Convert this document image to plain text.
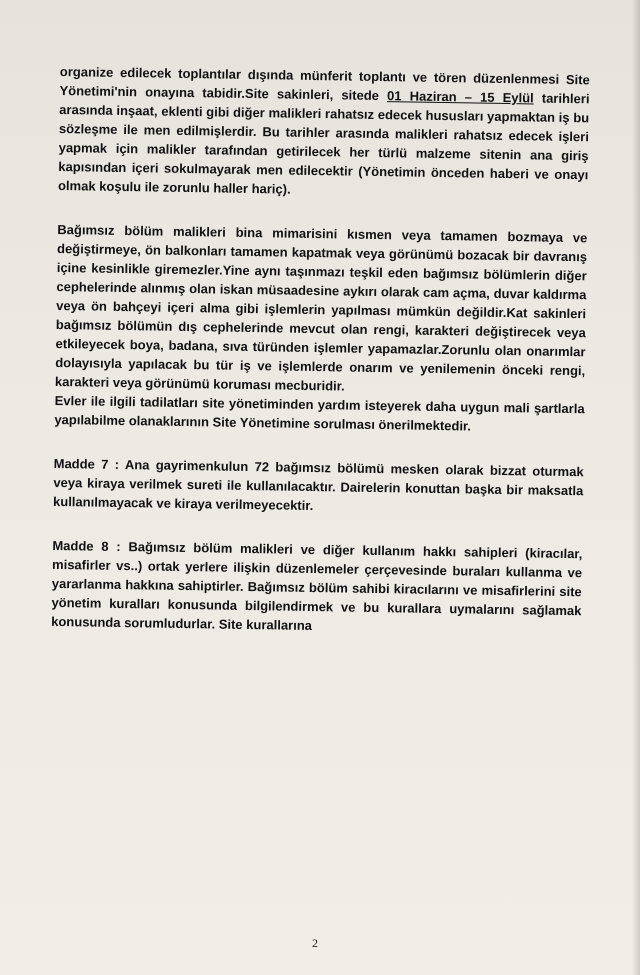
organize edilecek toplantılar dışında münferit toplantı ve tören düzenlenmesi Site Yönetimi'nin onayına tabidir.Site sakinleri, sitede 01 Haziran – 15 Eylül tarihleri arasında inşaat, eklenti gibi diğer malikleri rahatsız edecek hususları yapmaktan iş bu sözleşme ile men edilmişlerdir. Bu tarihler arasında malikleri rahatsız edecek işleri yapmak için malikler tarafından getirilecek her türlü malzeme sitenin ana giriş kapısından içeri sokulmayarak men edilecektir (Yönetimin önceden haberi ve onayı olmak koşulu ile zorunlu haller hariç).

Bağımsız bölüm malikleri bina mimarisini kısmen veya tamamen bozmaya ve değiştirmeye, ön balkonları tamamen kapatmak veya görünümü bozacak bir davranış içine kesinlikle giremezler.Yine aynı taşınmazı teşkil eden bağımsız bölümlerin diğer cephelerinde alınmış olan iskan müsaadesine aykırı olarak cam açma, duvar kaldırma veya ön bahçeyi içeri alma gibi işlemlerin yapılması mümkün değildir.Kat sakinleri bağımsız bölümün dış cephelerinde mevcut olan rengi, karakteri değiştirecek veya etkileyecek boya, badana, sıva türünden işlemler yapamazlar.Zorunlu olan onarımlar dolayısıyla yapılacak bu tür iş ve işlemlerde onarım ve yenilemenin önceki rengi, karakteri veya görünümü koruması mecburidir.

Evler ile ilgili tadilatları site yönetiminden yardım isteyerek daha uygun mali şartlarla yapılabilme olanaklarının Site Yönetimine sorulması önerilmektedir.

Madde 7 : Ana gayrimenkulun 72 bağımsız bölümü mesken olarak bizzat oturmak veya kiraya verilmek sureti ile kullanılacaktır. Dairelerin konuttan başka bir maksatla kullanılmayacak ve kiraya verilmeyecektir.

Madde 8 : Bağımsız bölüm malikleri ve diğer kullanım hakkı sahipleri (kiracılar, misafirler vs..) ortak yerlere ilişkin düzenlemeler çerçevesinde buraları kullanma ve yararlanma hakkına sahiptirler. Bağımsız bölüm sahibi kiracılarını ve misafirlerini site yönetim kuralları konusunda bilgilendirmek ve bu kurallara uymalarını sağlamak konusunda sorumludurlar. Site kurallarına

2
